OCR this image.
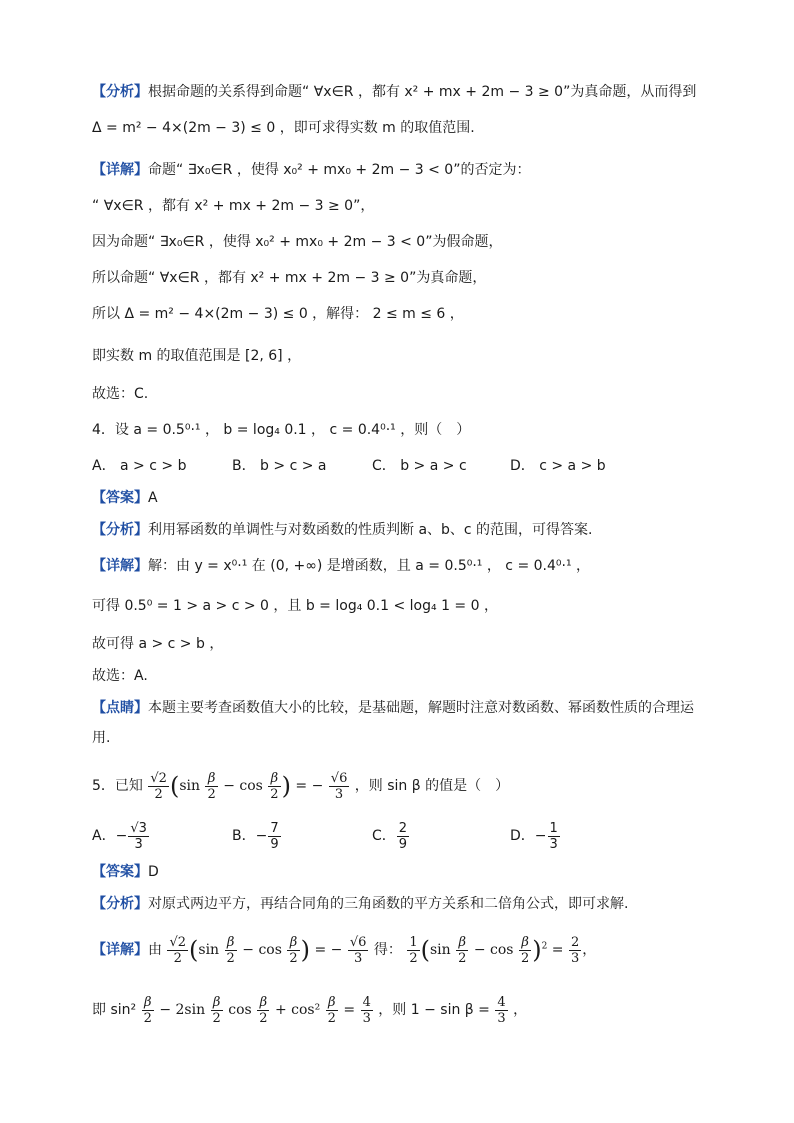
【分析】根据命题的关系得到命题“ ∀x∈R ，都有 x² + mx + 2m − 3 ≥ 0”为真命题，从而得到
Δ = m² − 4×(2m − 3) ≤ 0 ，即可求得实数 m 的取值范围.
【详解】命题“ ∃x₀∈R ，使得 x₀² + mx₀ + 2m − 3 < 0”的否定为：
“ ∀x∈R ，都有 x² + mx + 2m − 3 ≥ 0”，
因为命题“ ∃x₀∈R ，使得 x₀² + mx₀ + 2m − 3 < 0”为假命题，
所以命题“ ∀x∈R ，都有 x² + mx + 2m − 3 ≥ 0”为真命题，
所以 Δ = m² − 4×(2m − 3) ≤ 0 ，解得： 2 ≤ m ≤ 6 ，
即实数 m 的取值范围是 [2, 6] ，
故选：C.
4．设 a = 0.5⁰·¹ ， b = log₄ 0.1 ， c = 0.4⁰·¹ ，则（　）
A． a > c > b	B． b > c > a	C． b > a > c	D． c > a > b
【答案】A
【分析】利用幂函数的单调性与对数函数的性质判断 a、b、c 的范围，可得答案.
【详解】解：由 y = x⁰·¹ 在 (0, +∞) 是增函数，且 a = 0.5⁰·¹ ， c = 0.4⁰·¹ ，
可得 0.5⁰ = 1 > a > c > 0 ，且 b = log₄ 0.1 < log₄ 1 = 0 ，
故可得 a > c > b ，
故选：A.
【点睛】本题主要考查函数值大小的比较，是基础题，解题时注意对数函数、幂函数性质的合理运
用.
5．已知 $\frac{√2}{2} (\sin \frac{\beta}{2} - \cos \frac{\beta}{2}$ ) = − $\frac{√6}{3}$ ，则 sin β 的值是（　）
A．− $\frac{√3}{3}$	B．− $\frac{7}{9}$	C． $\frac{2}{9}$	D．− $\frac{1}{3}$
【答案】D
【分析】对原式两边平方，再结合同角的三角函数的平方关系和二倍角公式，即可求解.
【详解】由 $\frac{√2}{2} (\sin \frac{\beta}{2} - \cos \frac{\beta}{2}$ ) = − $\frac{√6}{3}$ 得： $\frac{1}{2} (\sin \frac{\beta}{2} - \cos \frac{\beta}{2} )^2 = \frac{2}{3}$ ，
即 $\sin^2 \frac{\beta}{2} - 2\sin \frac{\beta}{2}$ $\cos \frac{\beta}{2} + \cos^2 \frac{\beta}{2} = \frac{4}{3}$ ，则 $1 - \sin \beta = \frac{4}{3}$ ，
